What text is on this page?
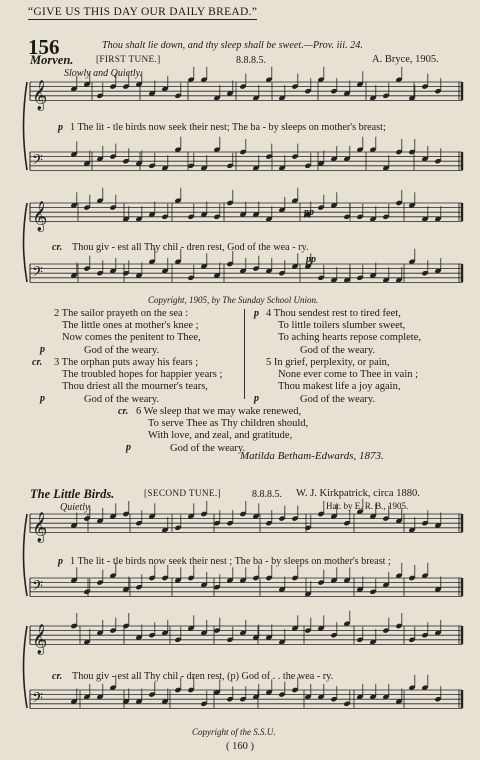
𝄞
𝄢
𝄞
𝄢
𝄞
𝄢
𝄞
𝄢
“GIVE US THIS DAY OUR DAILY BREAD.”
156	Thou shalt lie down, and thy sleep shall be sweet.—Prov. iii. 24.
Morven. [FIRST TUNE.]	8.8.8.5.	A. Bryce, 1905.
Slowly and Quietly.
p 1 The lit - tle birds now seek their nest; The ba - by sleeps on mother's breast;
pp
pp
cr. Thou giv - est all Thy chil - dren rest, God of the wea - ry.
Copyright, 1905, by The Sunday School Union.
2 The sailor prayeth on the sea :
The little ones at mother's knee ;
Now comes the penitent to Thee,
God of the weary.
3 The orphan puts away his fears ;
The troubled hopes for happier years ;
Thou driest all the mourner's tears,
God of the weary.
4 Thou sendest rest to tired feet,
To little toilers slumber sweet,
To aching hearts repose complete,
God of the weary.
5 In grief, perplexity, or pain,
None ever come to Thee in vain ;
Thou makest life a joy again,
God of the weary.
6 We sleep that we may wake renewed,
To serve Thee as Thy children should,
With love, and zeal, and gratitude,
God of the weary.
p
cr.
p
p
p
cr.
p
Matilda Betham-Edwards, 1873.
The Little Birds.	[SECOND TUNE.]	8.8.8.5. W. J. Kirkpatrick, circa 1880.
Har. by E. R. B., 1905.
Quietly.
p 1 The lit - tle birds now seek their nest ; The ba - by sleeps on mother's breast ;
cr. Thou giv - est all Thy chil - dren rest, (p) God of . . the wea - ry.
Copyright of the S.S.U.
( 160 )
